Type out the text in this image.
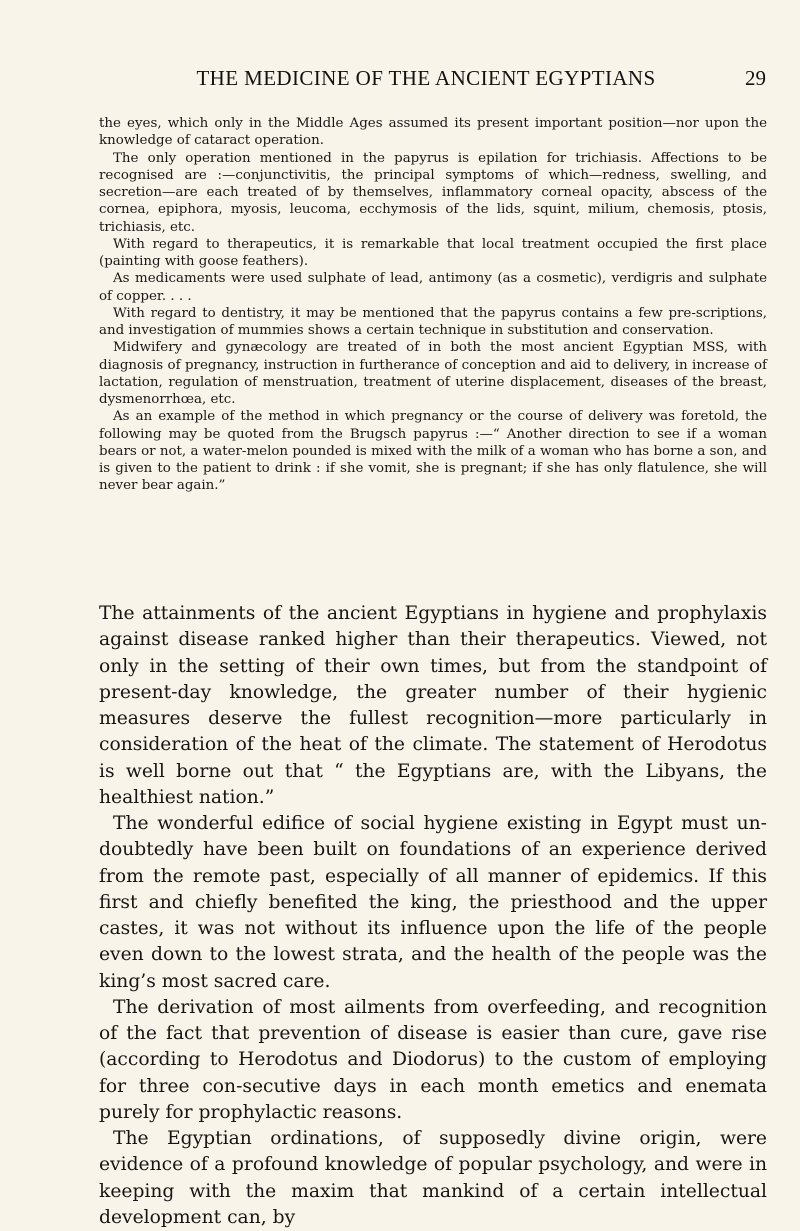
THE MEDICINE OF THE ANCIENT EGYPTIANS	29

the eyes, which only in the Middle Ages assumed its present important position—nor upon the knowledge of cataract operation.

The only operation mentioned in the papyrus is epilation for trichiasis. Affections to be recognised are :—conjunctivitis, the principal symptoms of which—redness, swelling, and secretion—are each treated of by themselves, inflammatory corneal opacity, abscess of the cornea, epiphora, myosis, leucoma, ecchymosis of the lids, squint, milium, chemosis, ptosis, trichiasis, etc.

With regard to therapeutics, it is remarkable that local treatment occupied the first place (painting with goose feathers).

As medicaments were used sulphate of lead, antimony (as a cosmetic), verdigris and sulphate of copper. . . .

With regard to dentistry, it may be mentioned that the papyrus contains a few pre-scriptions, and investigation of mummies shows a certain technique in substitution and conservation.

Midwifery and gynæcology are treated of in both the most ancient Egyptian MSS, with diagnosis of pregnancy, instruction in furtherance of conception and aid to delivery, in increase of lactation, regulation of menstruation, treatment of uterine displacement, diseases of the breast, dysmenorrhœa, etc.

As an example of the method in which pregnancy or the course of delivery was foretold, the following may be quoted from the Brugsch papyrus :—“ Another direction to see if a woman bears or not, a water-melon pounded is mixed with the milk of a woman who has borne a son, and is given to the patient to drink : if she vomit, she is pregnant; if she has only flatulence, she will never bear again.”

The attainments of the ancient Egyptians in hygiene and prophylaxis against disease ranked higher than their therapeutics. Viewed, not only in the setting of their own times, but from the standpoint of present-day knowledge, the greater number of their hygienic measures deserve the fullest recognition—more particularly in consideration of the heat of the climate. The statement of Herodotus is well borne out that “ the Egyptians are, with the Libyans, the healthiest nation.”

The wonderful edifice of social hygiene existing in Egypt must un-doubtedly have been built on foundations of an experience derived from the remote past, especially of all manner of epidemics. If this first and chiefly benefited the king, the priesthood and the upper castes, it was not without its influence upon the life of the people even down to the lowest strata, and the health of the people was the king’s most sacred care.

The derivation of most ailments from overfeeding, and recognition of the fact that prevention of disease is easier than cure, gave rise (according to Herodotus and Diodorus) to the custom of employing for three con-secutive days in each month emetics and enemata purely for prophylactic reasons.

The Egyptian ordinations, of supposedly divine origin, were evidence of a profound knowledge of popular psychology, and were in keeping with the maxim that mankind of a certain intellectual development can, by
